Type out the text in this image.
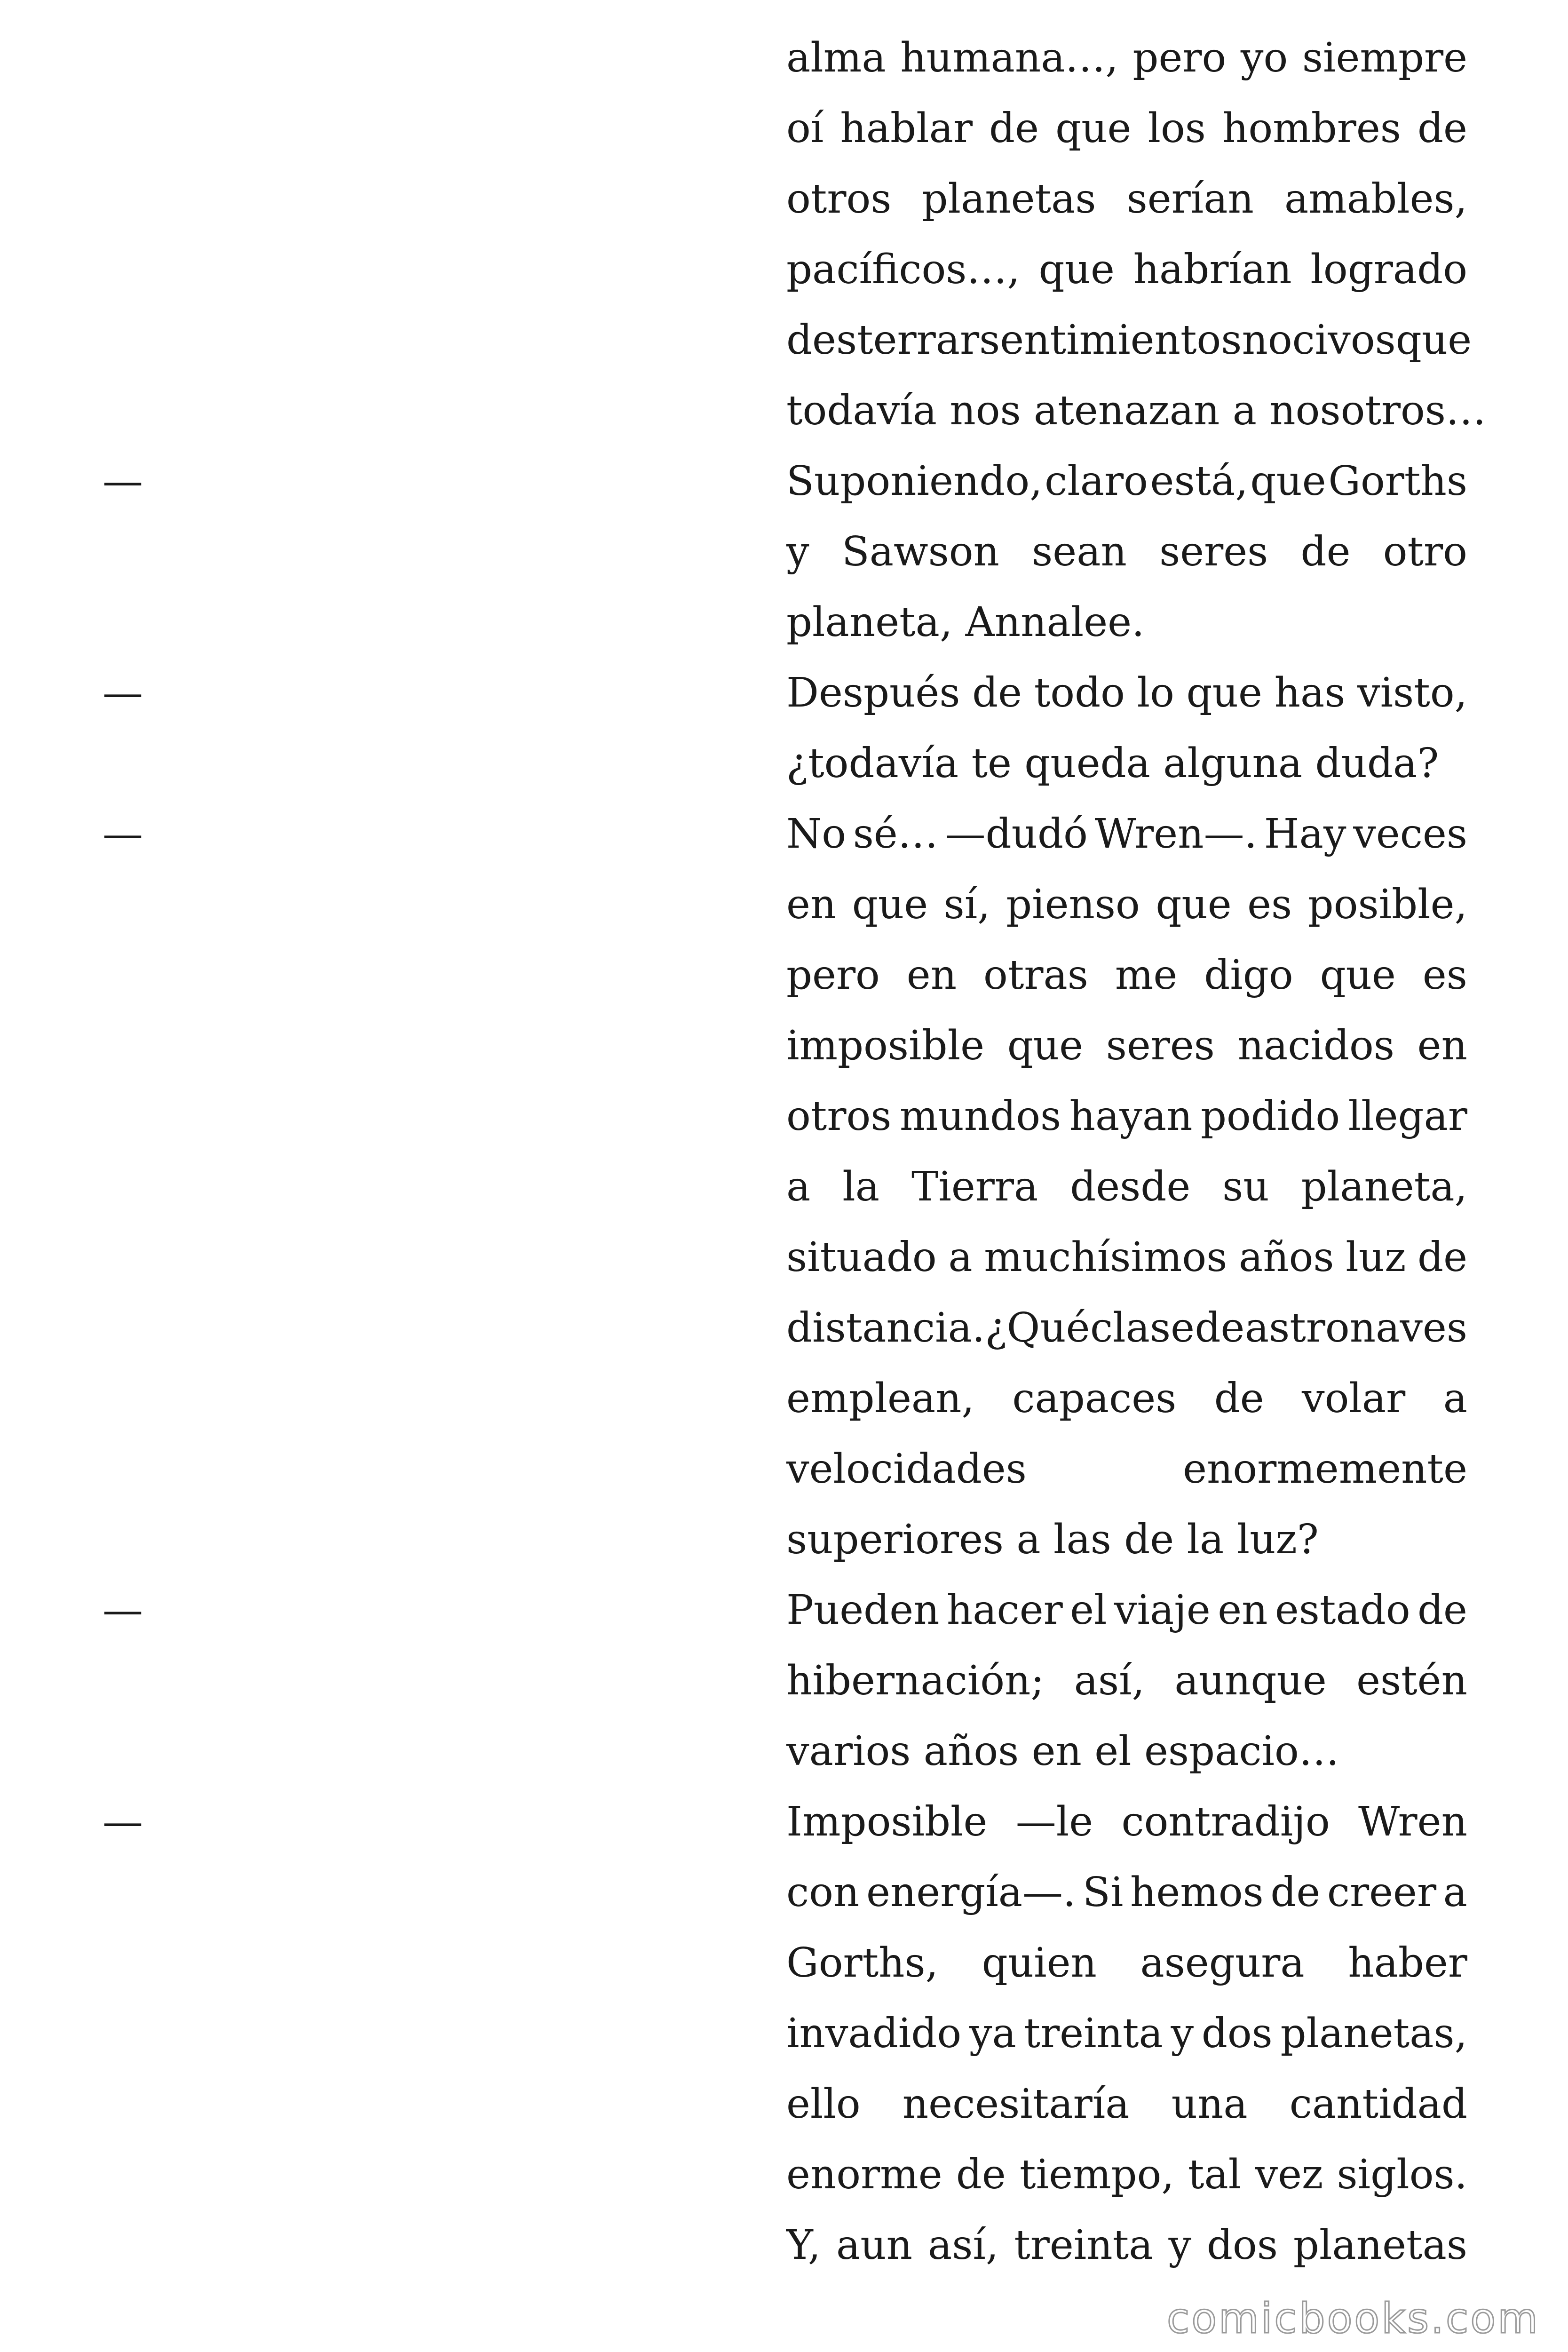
alma humana…, pero yo siempre
oí hablar de que los hombres de
otros planetas serían amables,
pacíficos…, que habrían logrado
desterrar sentimientos nocivos que
todavía nos atenazan a nosotros…
—	Suponiendo, claro está, que Gorths
y Sawson sean seres de otro
planeta, Annalee.
—	Después de todo lo que has visto,
¿todavía te queda alguna duda?
—	No sé… —dudó Wren—. Hay veces
en que sí, pienso que es posible,
pero en otras me digo que es
imposible que seres nacidos en
otros mundos hayan podido llegar
a la Tierra desde su planeta,
situado a muchísimos años luz de
distancia. ¿Qué clase de astronaves
emplean, capaces de volar a
velocidades	enormemente
superiores a las de la luz?
—	Pueden hacer el viaje en estado de
hibernación; así, aunque estén
varios años en el espacio…
—	Imposible —le contradijo Wren
con energía—. Si hemos de creer a
Gorths, quien asegura haber
invadido ya treinta y dos planetas,
ello necesitaría una cantidad
enorme de tiempo, tal vez siglos.
Y, aun así, treinta y dos planetas
comicbooks.com
